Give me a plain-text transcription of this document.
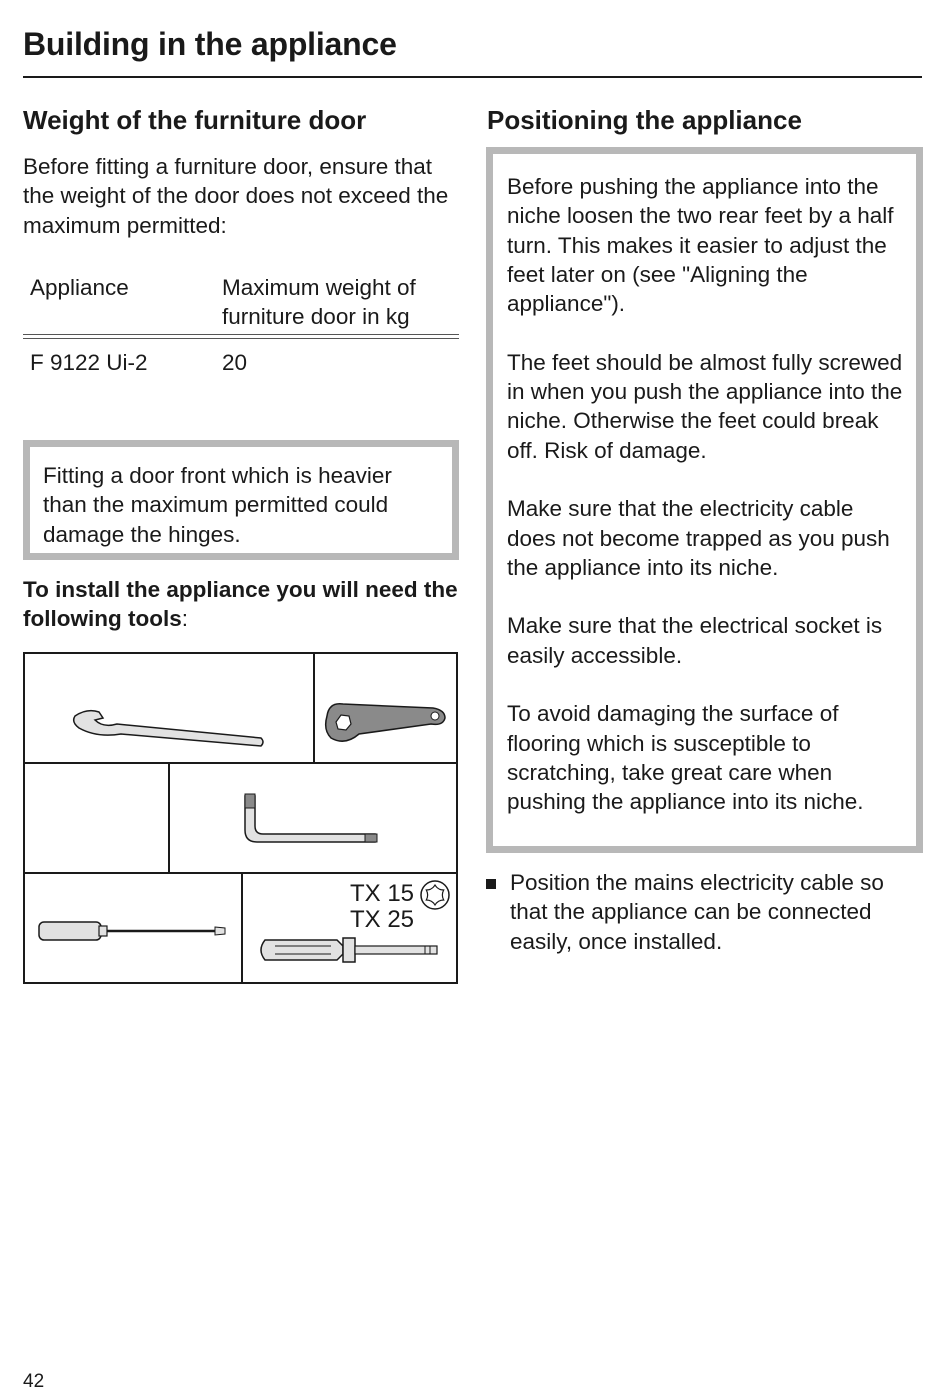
Building in the appliance
Weight of the furniture door

Before fitting a furniture door, ensure that the weight of the door does not exceed the maximum permitted:

Appliance	Maximum weight of furniture door in kg
F 9122 Ui-2	20

Fitting a door front which is heavier than the maximum permitted could damage the hinges.

To install the appliance you will need the following tools:

TX 15
TX 25
Positioning the appliance

Before pushing the appliance into the niche loosen the two rear feet by a half turn. This makes it easier to adjust the feet later on (see "Aligning the appliance").

The feet should be almost fully screwed in when you push the appliance into the niche. Otherwise the feet could break off. Risk of damage.

Make sure that the electricity cable does not become trapped as you push the appliance into its niche.

Make sure that the electrical socket is easily accessible.

To avoid damaging the surface of flooring which is susceptible to scratching, take great care when pushing the appliance into its niche.

Position the mains electricity cable so that the appliance can be connected easily, once installed.

42
